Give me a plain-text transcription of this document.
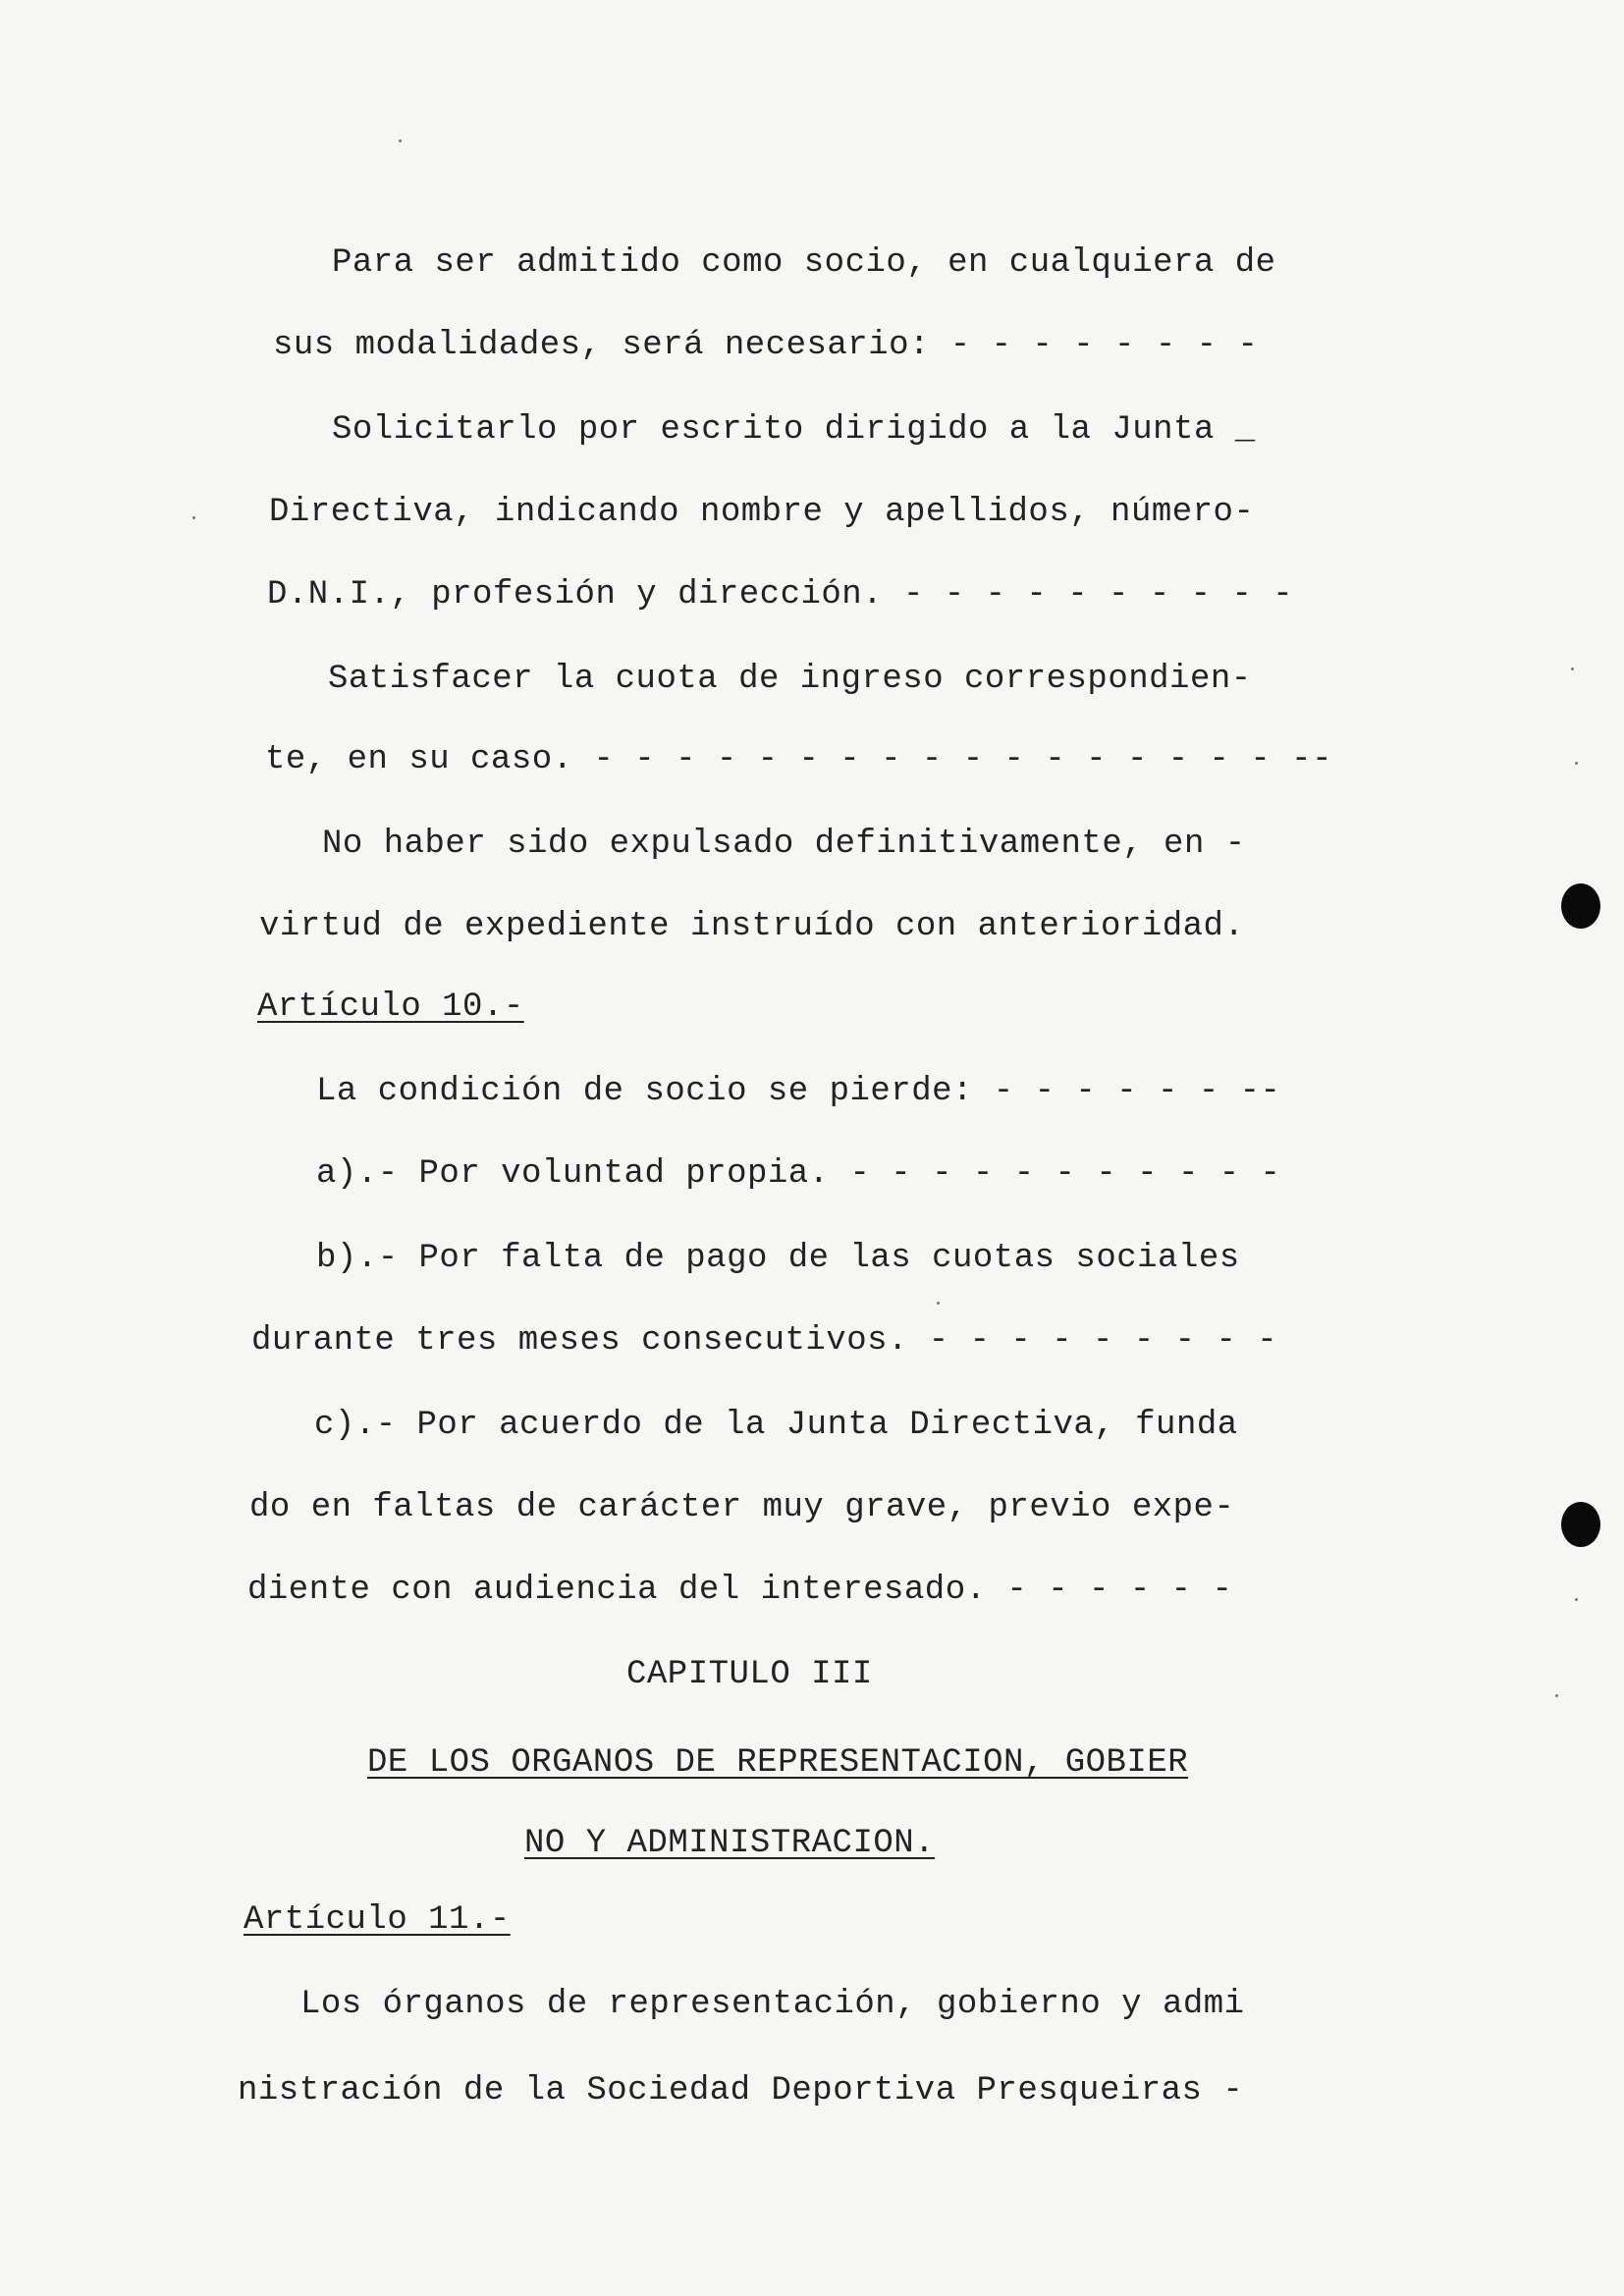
Para ser admitido como socio, en cualquiera de
sus modalidades, será necesario: - - - - - - - -
Solicitarlo por escrito dirigido a la Junta _
Directiva, indicando nombre y apellidos, número-
D.N.I., profesión y dirección. - - - - - - - - - -
Satisfacer la cuota de ingreso correspondien-
te, en su caso. - - - - - - - - - - - - - - - - - --
No haber sido expulsado definitivamente, en -
virtud de expediente instruído con anterioridad.
Artículo 10.-
La condición de socio se pierde: - - - - - - --
a).- Por voluntad propia. - - - - - - - - - - -
b).- Por falta de pago de las cuotas sociales
durante tres meses consecutivos. - - - - - - - - -
c).- Por acuerdo de la Junta Directiva, funda
do en faltas de carácter muy grave, previo expe-
diente con audiencia del interesado. - - - - - -
CAPITULO III
DE LOS ORGANOS DE REPRESENTACION, GOBIER
NO Y ADMINISTRACION.
Artículo 11.-
Los órganos de representación, gobierno y admi
nistración de la Sociedad Deportiva Presqueiras -
